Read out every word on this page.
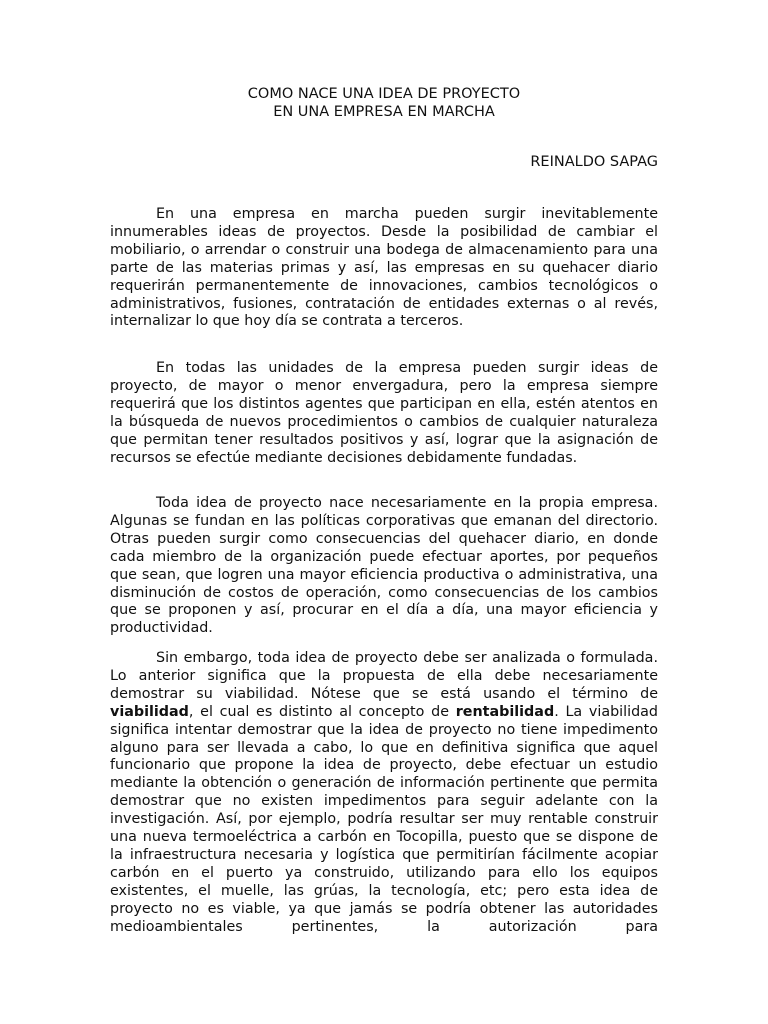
COMO NACE UNA IDEA DE PROYECTO
EN UNA EMPRESA EN MARCHA

REINALDO SAPAG

En una empresa en marcha pueden surgir inevitablemente innumerables ideas de proyectos. Desde la posibilidad de cambiar el mobiliario, o arrendar o construir una bodega de almacenamiento para una parte de las materias primas y así, las empresas en su quehacer diario requerirán permanentemente de innovaciones, cambios tecnológicos o administrativos, fusiones, contratación de entidades externas o al revés, internalizar lo que hoy día se contrata a terceros.

En todas las unidades de la empresa pueden surgir ideas de proyecto, de mayor o menor envergadura, pero la empresa siempre requerirá que los distintos agentes que participan en ella, estén atentos en la búsqueda de nuevos procedimientos o cambios de cualquier naturaleza que permitan tener resultados positivos y así, lograr que la asignación de recursos se efectúe mediante decisiones debidamente fundadas.

Toda idea de proyecto nace necesariamente en la propia empresa. Algunas se fundan en las políticas corporativas que emanan del directorio. Otras pueden surgir como consecuencias del quehacer diario, en donde cada miembro de la organización puede efectuar aportes, por pequeños que sean, que logren una mayor eficiencia productiva o administrativa, una disminución de costos de operación, como consecuencias de los cambios que se proponen y así, procurar en el día a día, una mayor eficiencia y productividad.

Sin embargo, toda idea de proyecto debe ser analizada o formulada. Lo anterior significa que la propuesta de ella debe necesariamente demostrar su viabilidad. Nótese que se está usando el término de viabilidad, el cual es distinto al concepto de rentabilidad. La viabilidad significa intentar demostrar que la idea de proyecto no tiene impedimento alguno para ser llevada a cabo, lo que en definitiva significa que aquel funcionario que propone la idea de proyecto, debe efectuar un estudio mediante la obtención o generación de información pertinente que permita demostrar que no existen impedimentos para seguir adelante con la investigación. Así, por ejemplo, podría resultar ser muy rentable construir una nueva termoeléctrica a carbón en Tocopilla, puesto que se dispone de la infraestructura necesaria y logística que permitirían fácilmente acopiar carbón en el puerto ya construido, utilizando para ello los equipos existentes, el muelle, las grúas, la tecnología, etc; pero esta idea de proyecto no es viable, ya que jamás se podría obtener las autoridades medioambientales pertinentes, la autorización para
